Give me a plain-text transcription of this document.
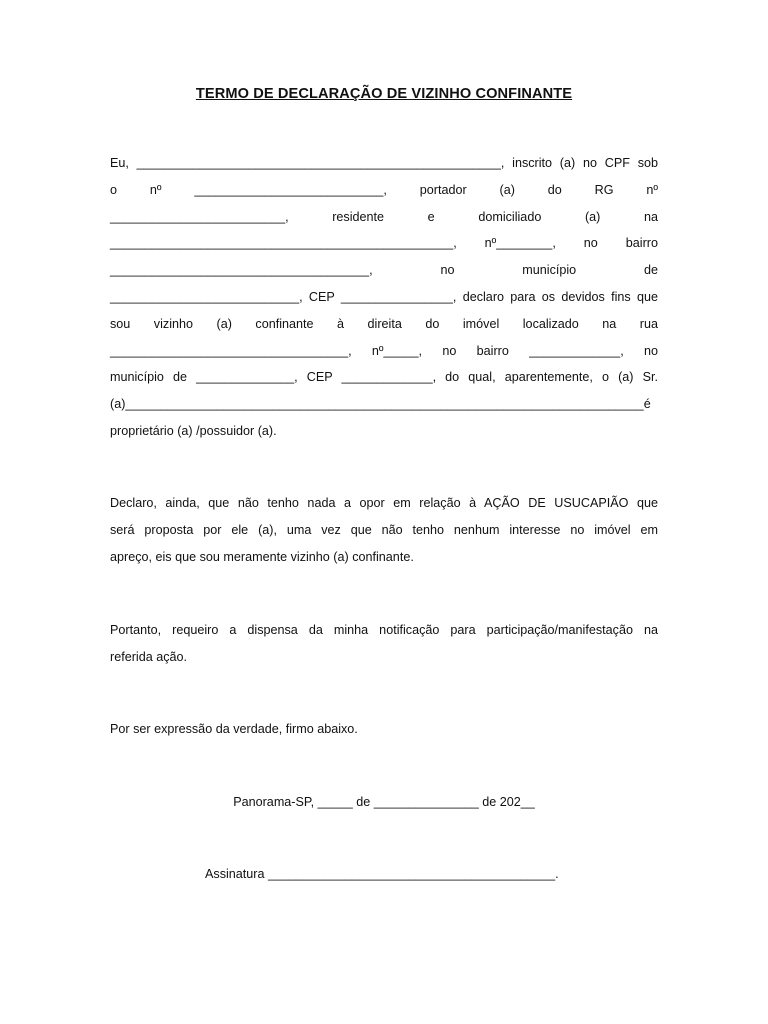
TERMO DE DECLARAÇÃO DE VIZINHO CONFINANTE
Eu, ____________________________________________________, inscrito (a) no CPF sob
o nº ___________________________, portador (a) do RG nº
_________________________, residente e domiciliado (a) na
_________________________________________________, nº________, no bairro
_____________________________________, no município de
___________________________, CEP ________________, declaro para os devidos fins que
sou vizinho (a) confinante à direita do imóvel localizado na rua
__________________________________, nº_____, no bairro _____________, no
município de ______________, CEP _____________, do qual, aparentemente, o (a) Sr.
(a)__________________________________________________________________________é
proprietário (a) /possuidor (a).
Declaro, ainda, que não tenho nada a opor em relação à AÇÃO DE USUCAPIÃO que
será proposta por ele (a), uma vez que não tenho nenhum interesse no imóvel em
apreço, eis que sou meramente vizinho (a) confinante.
Portanto, requeiro a dispensa da minha notificação para participação/manifestação na
referida ação.
Por ser expressão da verdade, firmo abaixo.
Panorama-SP, _____ de _______________ de 202__
Assinatura _________________________________________.
